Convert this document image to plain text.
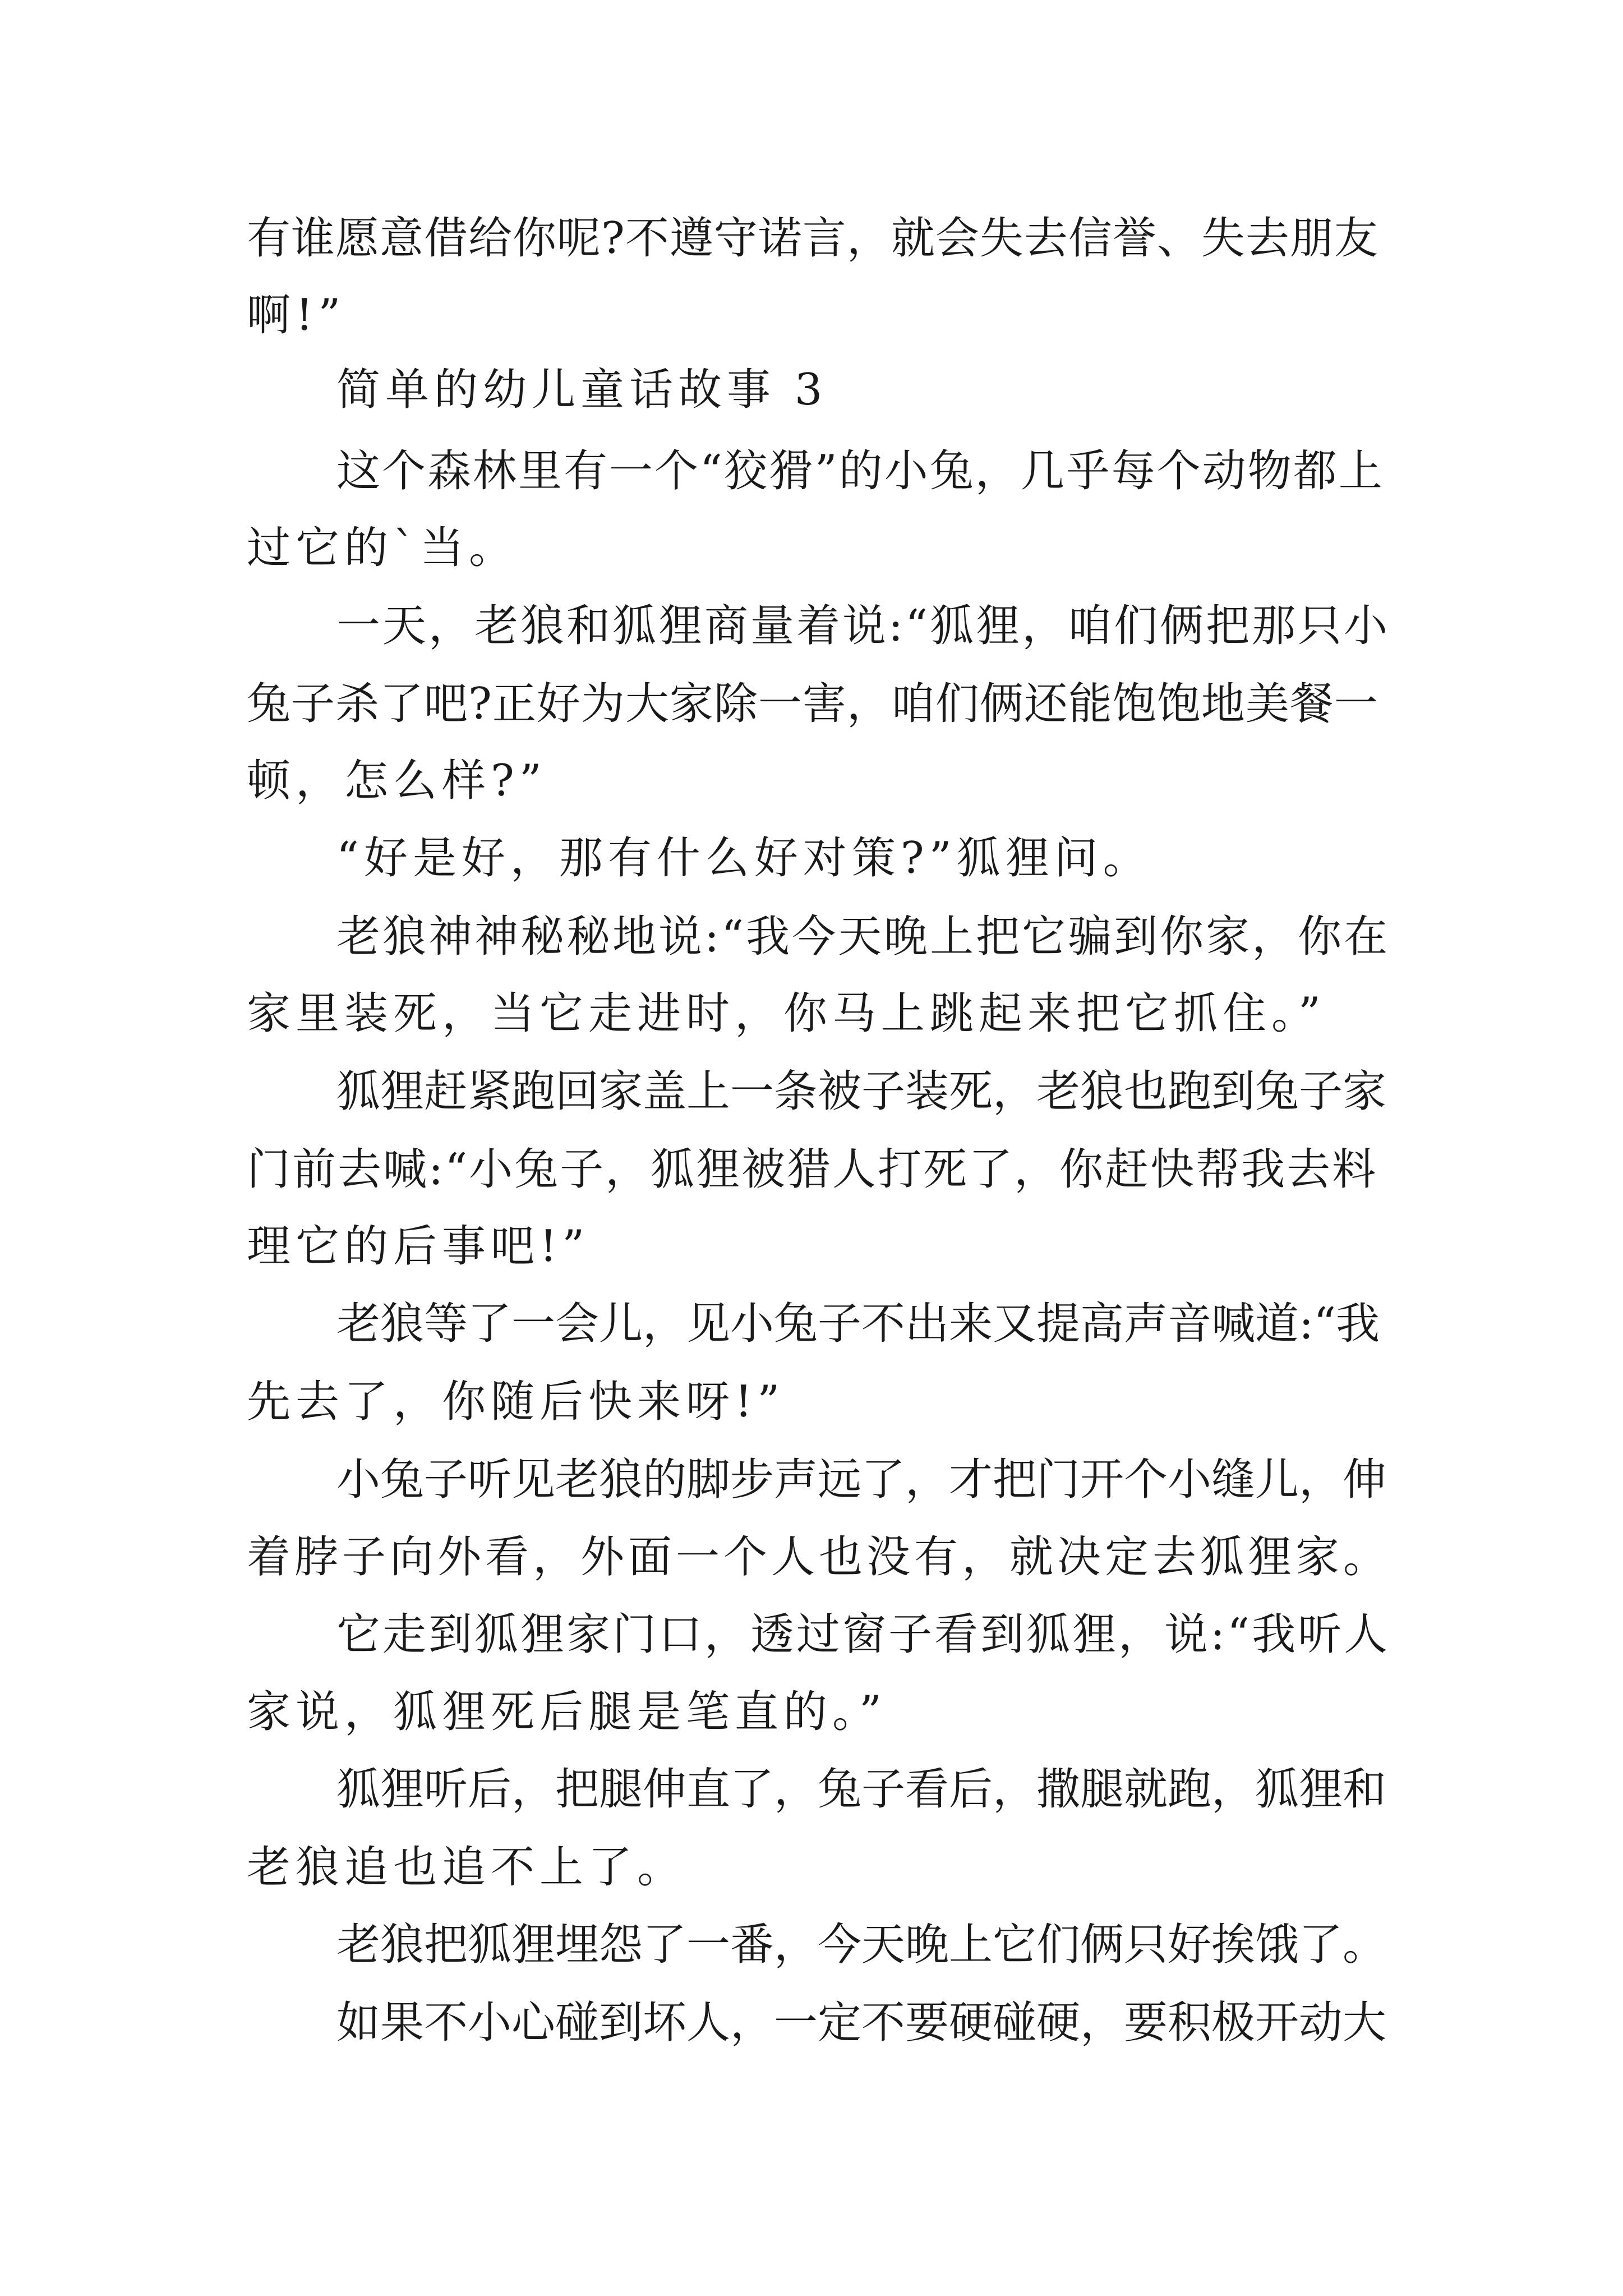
有谁愿意借给你呢?不遵守诺言，就会失去信誉、失去朋友
啊!”
简单的幼儿童话故事 3
这个森林里有一个“狡猾”的小兔，几乎每个动物都上
过它的`当。
一天，老狼和狐狸商量着说:“狐狸，咱们俩把那只小
兔子杀了吧?正好为大家除一害，咱们俩还能饱饱地美餐一
顿，怎么样?”
“好是好，那有什么好对策?”狐狸问。
老狼神神秘秘地说:“我今天晚上把它骗到你家，你在
家里装死，当它走进时，你马上跳起来把它抓住。”
狐狸赶紧跑回家盖上一条被子装死，老狼也跑到兔子家
门前去喊:“小兔子，狐狸被猎人打死了，你赶快帮我去料
理它的后事吧!”
老狼等了一会儿，见小兔子不出来又提高声音喊道:“我
先去了，你随后快来呀!”
小兔子听见老狼的脚步声远了，才把门开个小缝儿，伸
着脖子向外看，外面一个人也没有，就决定去狐狸家。
它走到狐狸家门口，透过窗子看到狐狸，说:“我听人
家说，狐狸死后腿是笔直的。”
狐狸听后，把腿伸直了，兔子看后，撒腿就跑，狐狸和
老狼追也追不上了。
老狼把狐狸埋怨了一番，今天晚上它们俩只好挨饿了。
如果不小心碰到坏人，一定不要硬碰硬，要积极开动大
